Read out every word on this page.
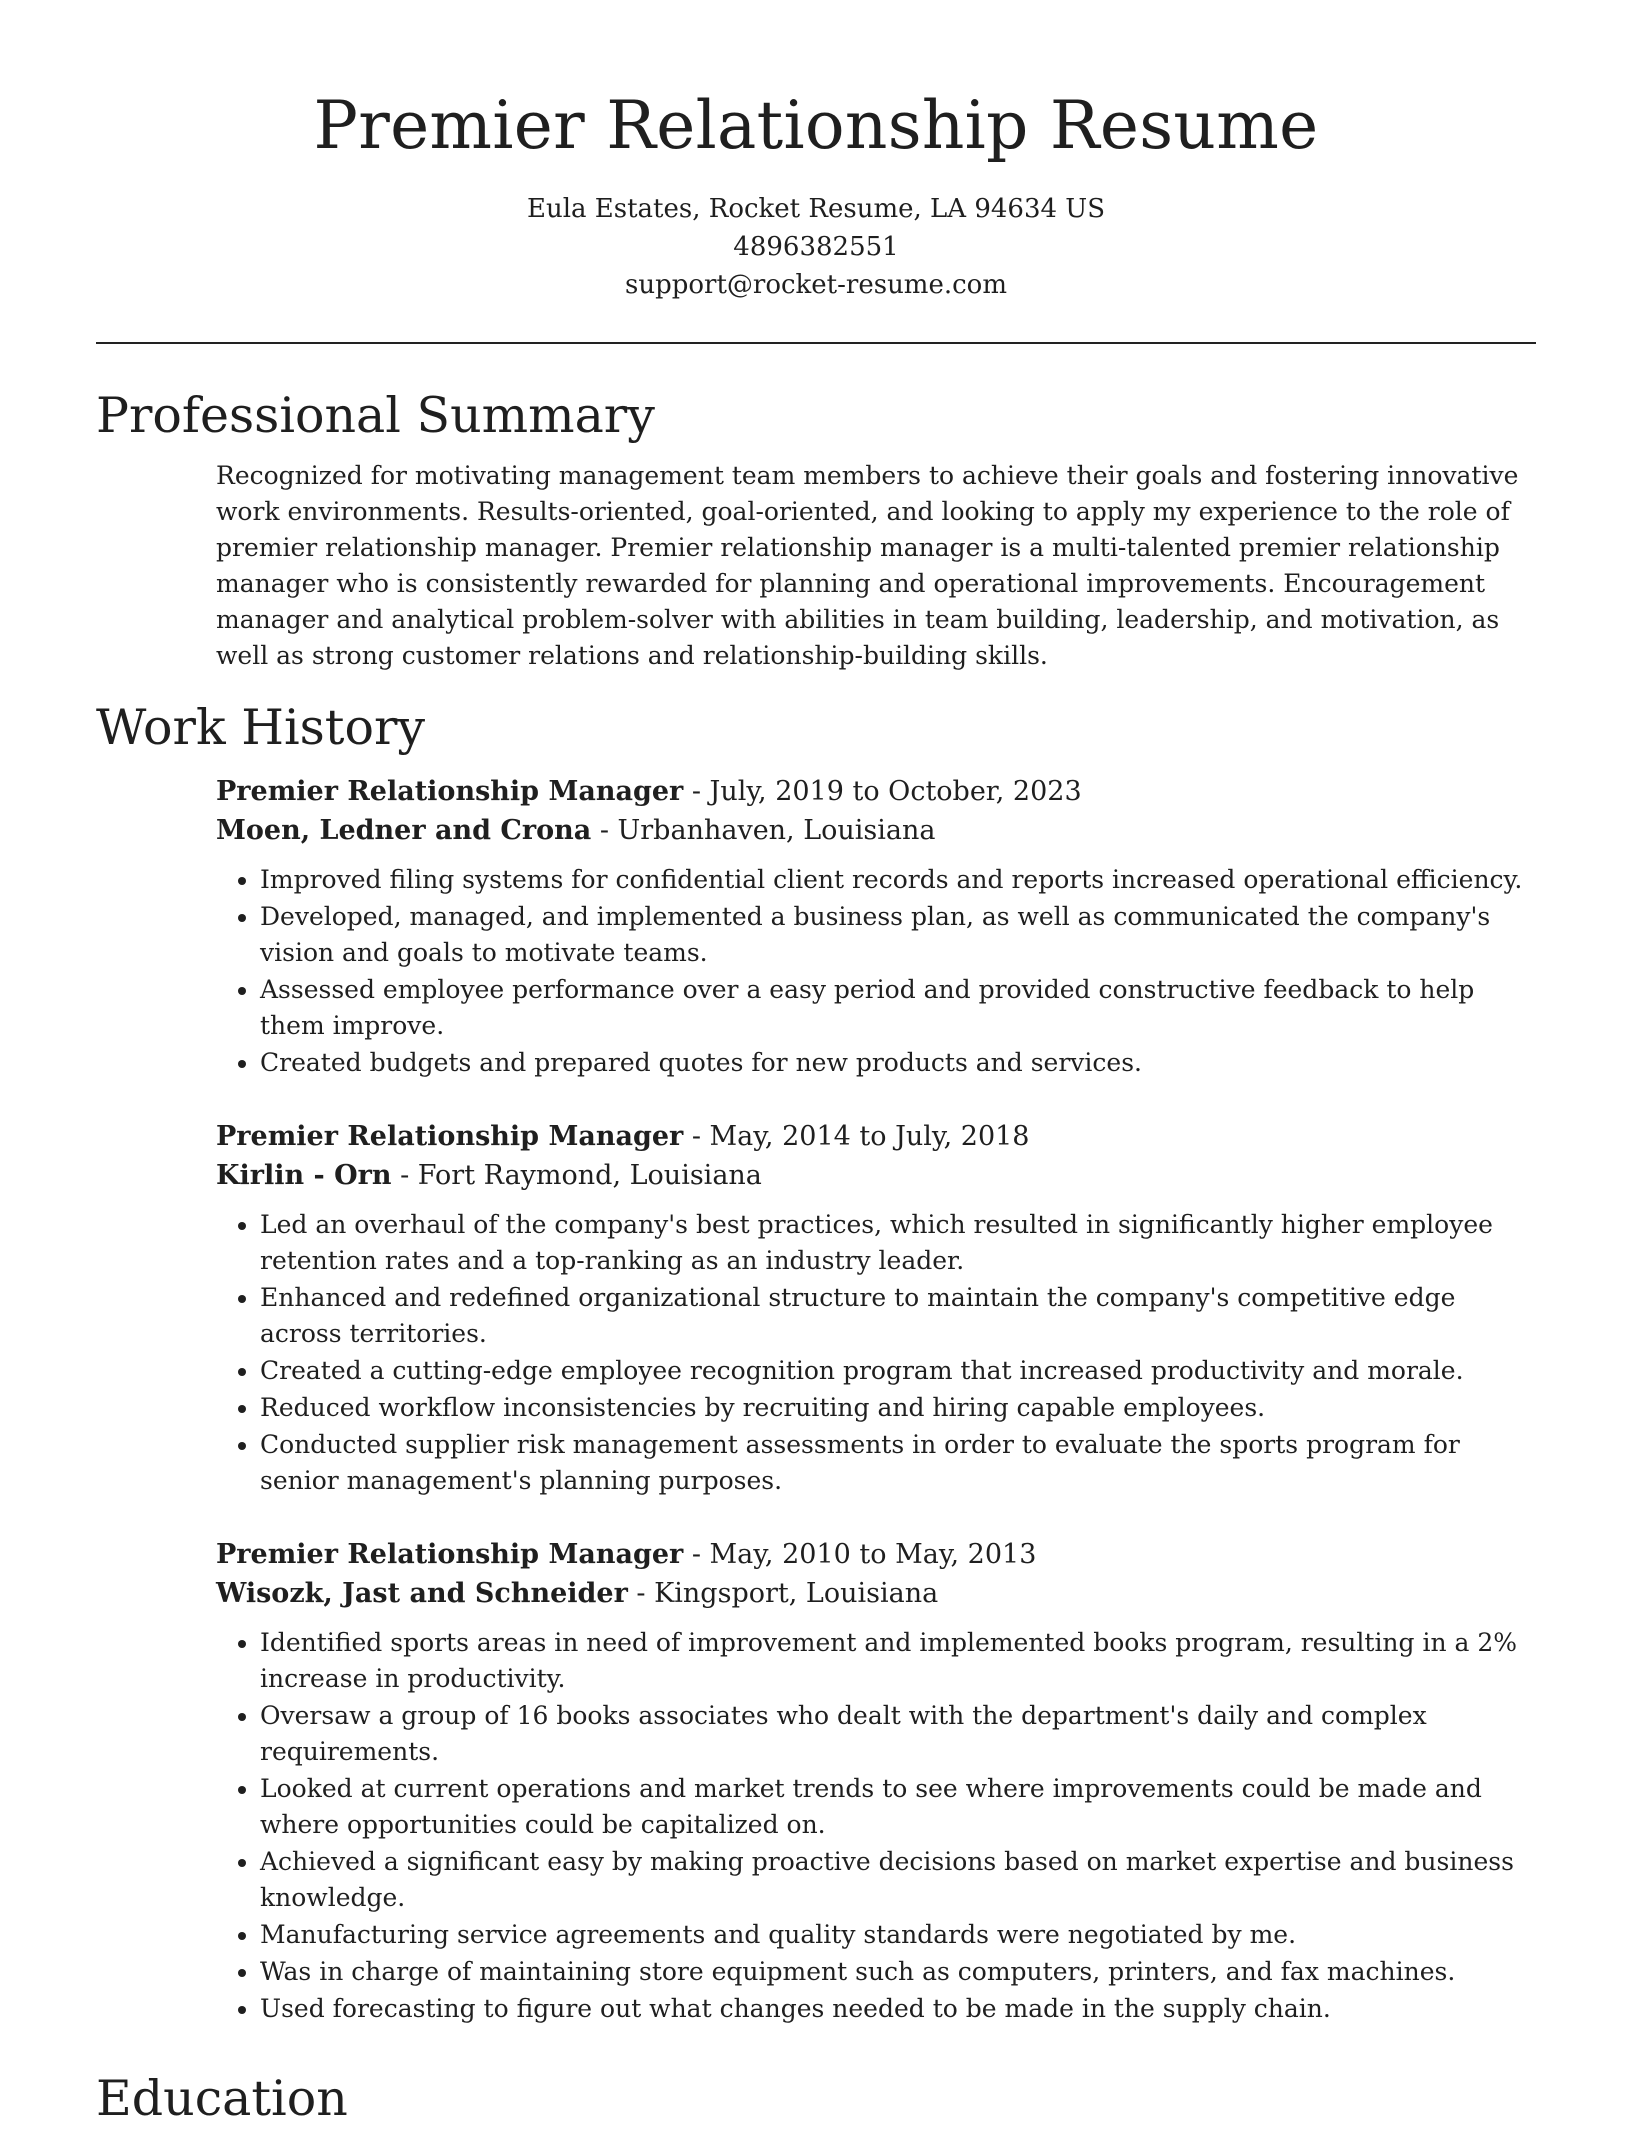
Premier Relationship Resume
Eula Estates, Rocket Resume, LA 94634 US
4896382551
support@rocket-resume.com
Professional Summary

Recognized for motivating management team members to achieve their goals and fostering innovative work environments. Results-oriented, goal-oriented, and looking to apply my experience to the role of premier relationship manager. Premier relationship manager is a multi-talented premier relationship manager who is consistently rewarded for planning and operational improvements. Encouragement manager and analytical problem-solver with abilities in team building, leadership, and motivation, as well as strong customer relations and relationship-building skills.

Work History

Premier Relationship Manager - July, 2019 to October, 2023

Moen, Ledner and Crona - Urbanhaven, Louisiana

• Improved filing systems for confidential client records and reports increased operational efficiency.
• Developed, managed, and implemented a business plan, as well as communicated the company's vision and goals to motivate teams.
• Assessed employee performance over a easy period and provided constructive feedback to help them improve.
• Created budgets and prepared quotes for new products and services.

Premier Relationship Manager - May, 2014 to July, 2018

Kirlin - Orn - Fort Raymond, Louisiana

• Led an overhaul of the company's best practices, which resulted in significantly higher employee retention rates and a top-ranking as an industry leader.
• Enhanced and redefined organizational structure to maintain the company's competitive edge across territories.
• Created a cutting-edge employee recognition program that increased productivity and morale.
• Reduced workflow inconsistencies by recruiting and hiring capable employees.
• Conducted supplier risk management assessments in order to evaluate the sports program for senior management's planning purposes.

Premier Relationship Manager - May, 2010 to May, 2013

Wisozk, Jast and Schneider - Kingsport, Louisiana

• Identified sports areas in need of improvement and implemented books program, resulting in a 2% increase in productivity.
• Oversaw a group of 16 books associates who dealt with the department's daily and complex requirements.
• Looked at current operations and market trends to see where improvements could be made and where opportunities could be capitalized on.
• Achieved a significant easy by making proactive decisions based on market expertise and business knowledge.
• Manufacturing service agreements and quality standards were negotiated by me.
• Was in charge of maintaining store equipment such as computers, printers, and fax machines.
• Used forecasting to figure out what changes needed to be made in the supply chain.
Education
